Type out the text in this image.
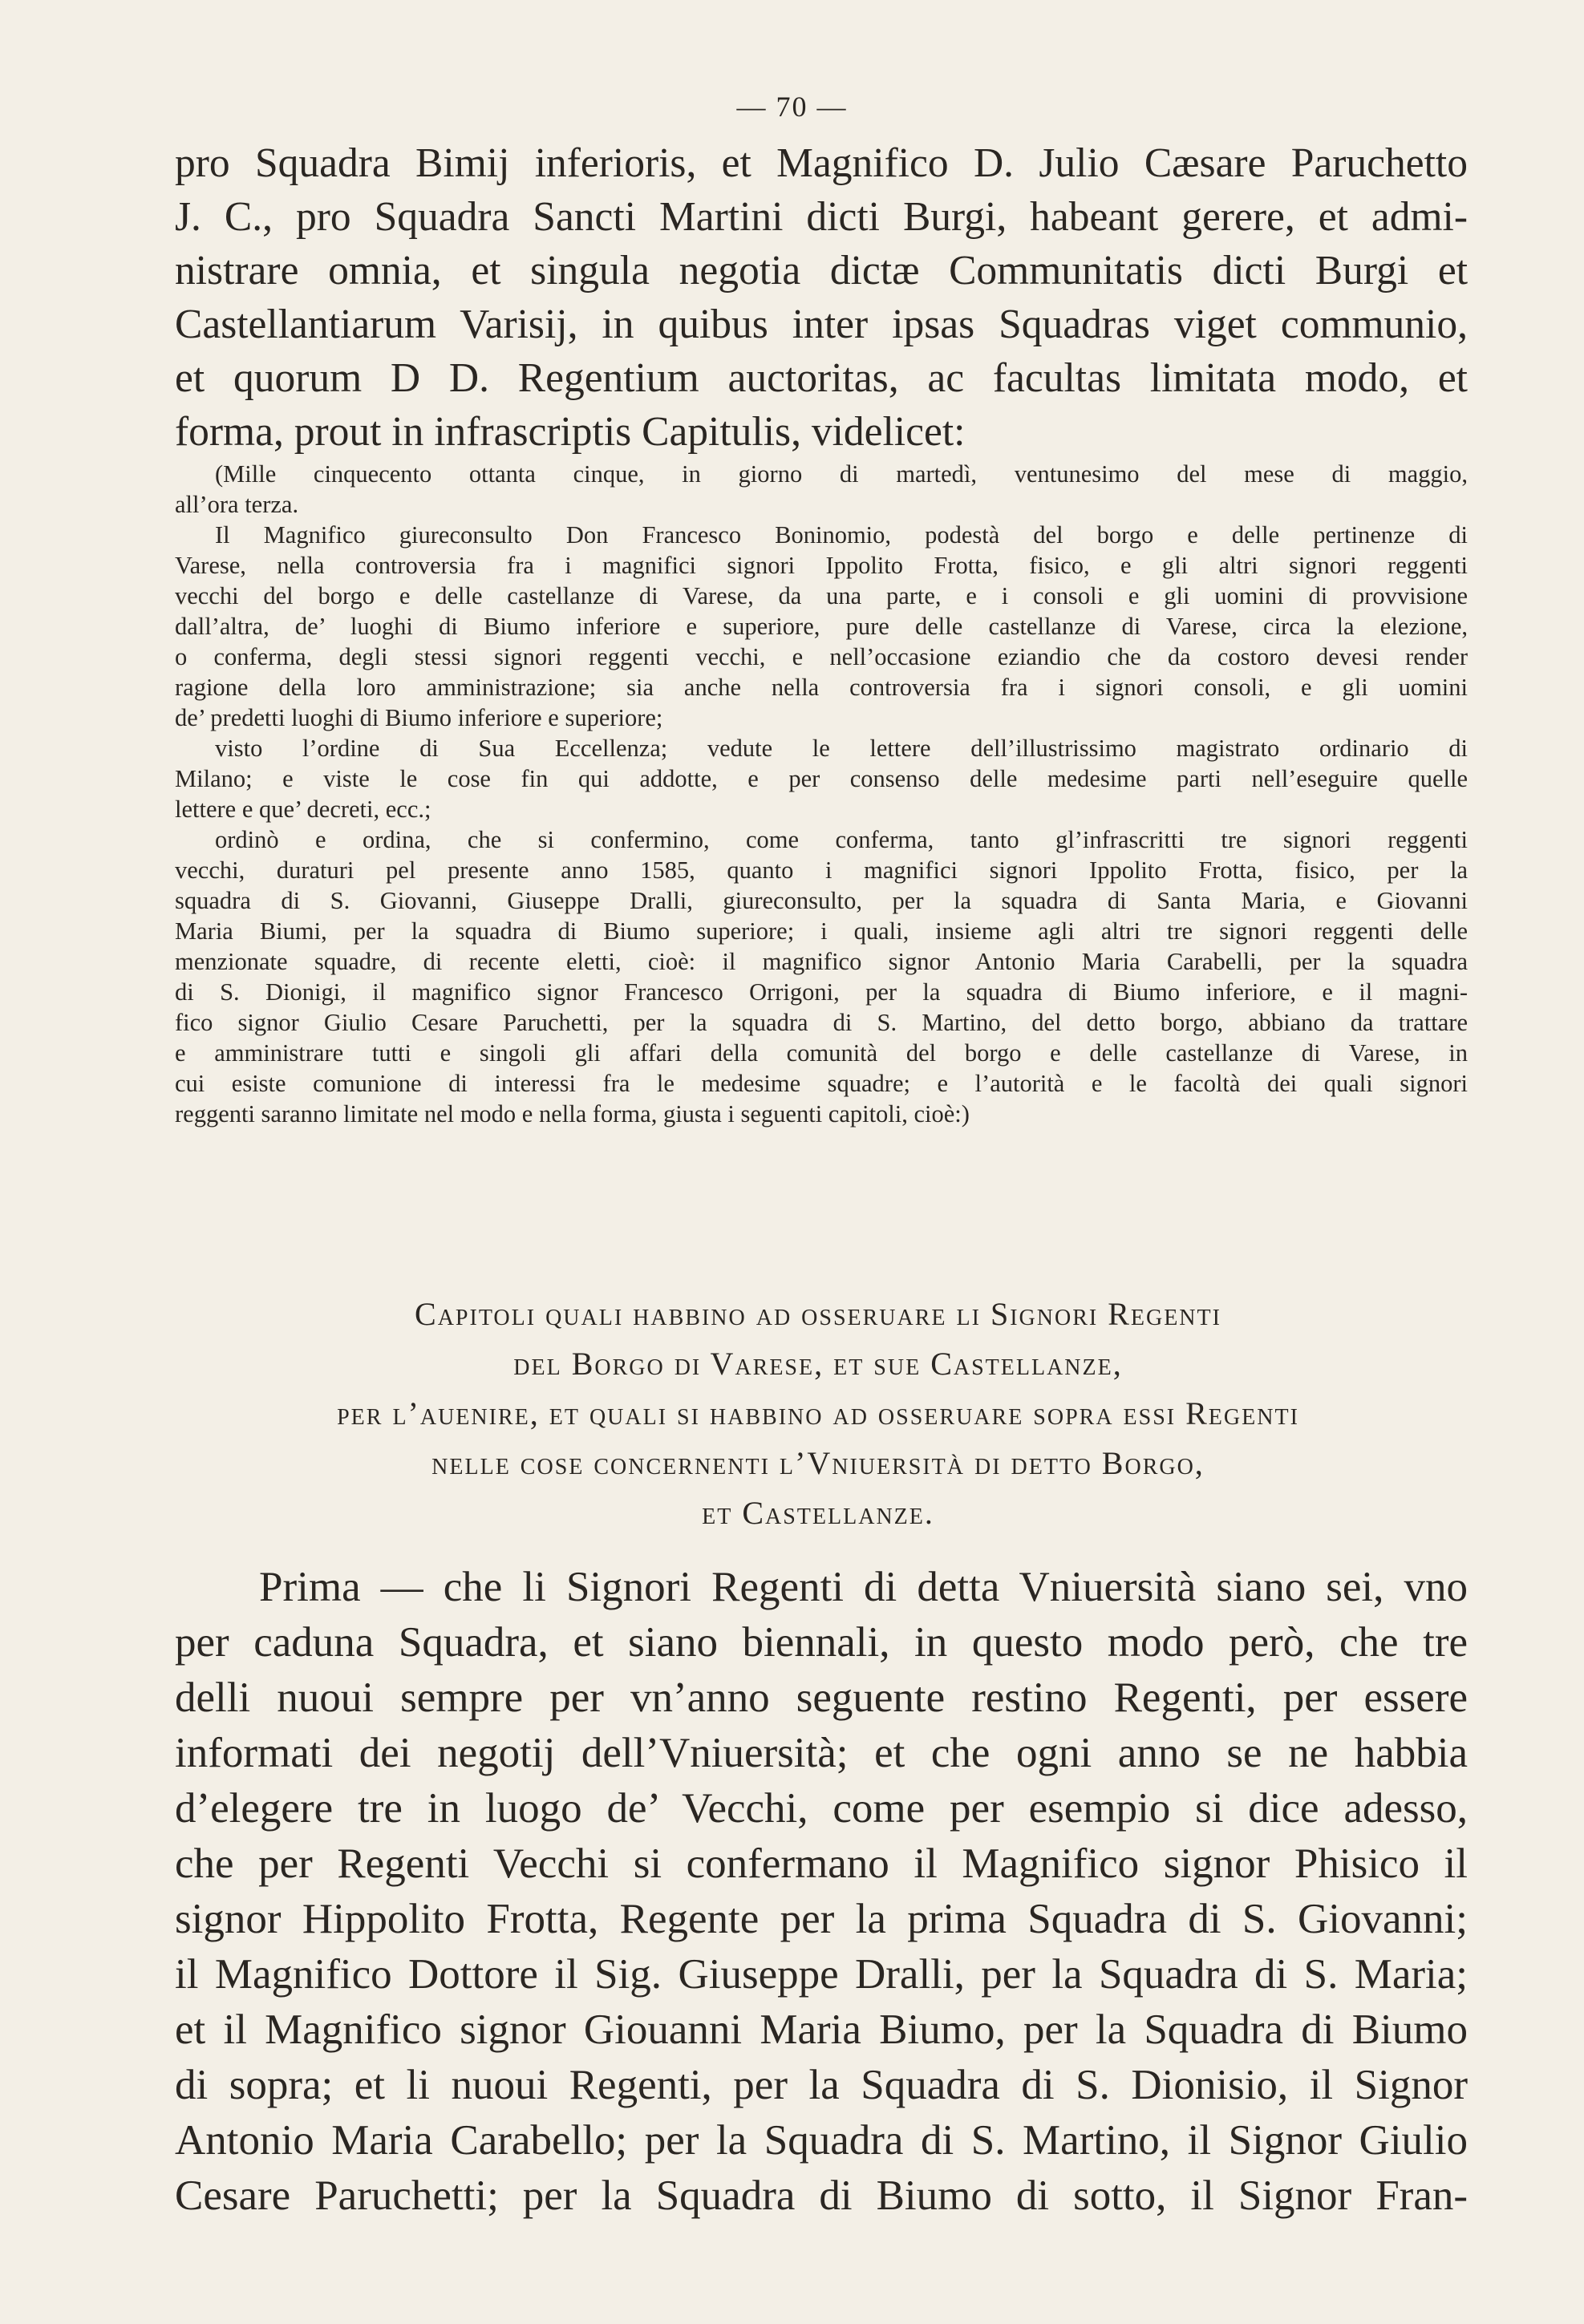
— 70 —
pro Squadra Bimij inferioris, et Magnifico D. Julio Cæsare Paruchetto
J. C., pro Squadra Sancti Martini dicti Burgi, habeant gerere, et admi-
nistrare omnia, et singula negotia dictæ Communitatis dicti Burgi et
Castellantiarum Varisij, in quibus inter ipsas Squadras viget communio,
et quorum D D. Regentium auctoritas, ac facultas limitata modo, et
forma, prout in infrascriptis Capitulis, videlicet:
(Mille cinquecento ottanta cinque, in giorno di martedì, ventunesimo del mese di maggio,
all’ora terza.
Il Magnifico giureconsulto Don Francesco Boninomio, podestà del borgo e delle pertinenze di
Varese, nella controversia fra i magnifici signori Ippolito Frotta, fisico, e gli altri signori reggenti
vecchi del borgo e delle castellanze di Varese, da una parte, e i consoli e gli uomini di provvisione
dall’altra, de’ luoghi di Biumo inferiore e superiore, pure delle castellanze di Varese, circa la elezione,
o conferma, degli stessi signori reggenti vecchi, e nell’occasione eziandio che da costoro devesi render
ragione della loro amministrazione; sia anche nella controversia fra i signori consoli, e gli uomini
de’ predetti luoghi di Biumo inferiore e superiore;
visto l’ordine di Sua Eccellenza; vedute le lettere dell’illustrissimo magistrato ordinario di
Milano; e viste le cose fin qui addotte, e per consenso delle medesime parti nell’eseguire quelle
lettere e que’ decreti, ecc.;
ordinò e ordina, che si confermino, come conferma, tanto gl’infrascritti tre signori reggenti
vecchi, duraturi pel presente anno 1585, quanto i magnifici signori Ippolito Frotta, fisico, per la
squadra di S. Giovanni, Giuseppe Dralli, giureconsulto, per la squadra di Santa Maria, e Giovanni
Maria Biumi, per la squadra di Biumo superiore; i quali, insieme agli altri tre signori reggenti delle
menzionate squadre, di recente eletti, cioè: il magnifico signor Antonio Maria Carabelli, per la squadra
di S. Dionigi, il magnifico signor Francesco Orrigoni, per la squadra di Biumo inferiore, e il magni-
fico signor Giulio Cesare Paruchetti, per la squadra di S. Martino, del detto borgo, abbiano da trattare
e amministrare tutti e singoli gli affari della comunità del borgo e delle castellanze di Varese, in
cui esiste comunione di interessi fra le medesime squadre; e l’autorità e le facoltà dei quali signori
reggenti saranno limitate nel modo e nella forma, giusta i seguenti capitoli, cioè:)
Capitoli quali habbino ad osseruare li Signori Regenti
del Borgo di Varese, et sue Castellanze,
per l’auenire, et quali si habbino ad osseruare sopra essi Regenti
nelle cose concernenti l’Vniuersità di detto Borgo,
et Castellanze.
Prima — che li Signori Regenti di detta Vniuersità siano sei, vno
per caduna Squadra, et siano biennali, in questo modo però, che tre
delli nuoui sempre per vn’anno seguente restino Regenti, per essere
informati dei negotij dell’Vniuersità; et che ogni anno se ne habbia
d’elegere tre in luogo de’ Vecchi, come per esempio si dice adesso,
che per Regenti Vecchi si confermano il Magnifico signor Phisico il
signor Hippolito Frotta, Regente per la prima Squadra di S. Giovanni;
il Magnifico Dottore il Sig. Giuseppe Dralli, per la Squadra di S. Maria;
et il Magnifico signor Giouanni Maria Biumo, per la Squadra di Biumo
di sopra; et li nuoui Regenti, per la Squadra di S. Dionisio, il Signor
Antonio Maria Carabello; per la Squadra di S. Martino, il Signor Giulio
Cesare Paruchetti; per la Squadra di Biumo di sotto, il Signor Fran-
